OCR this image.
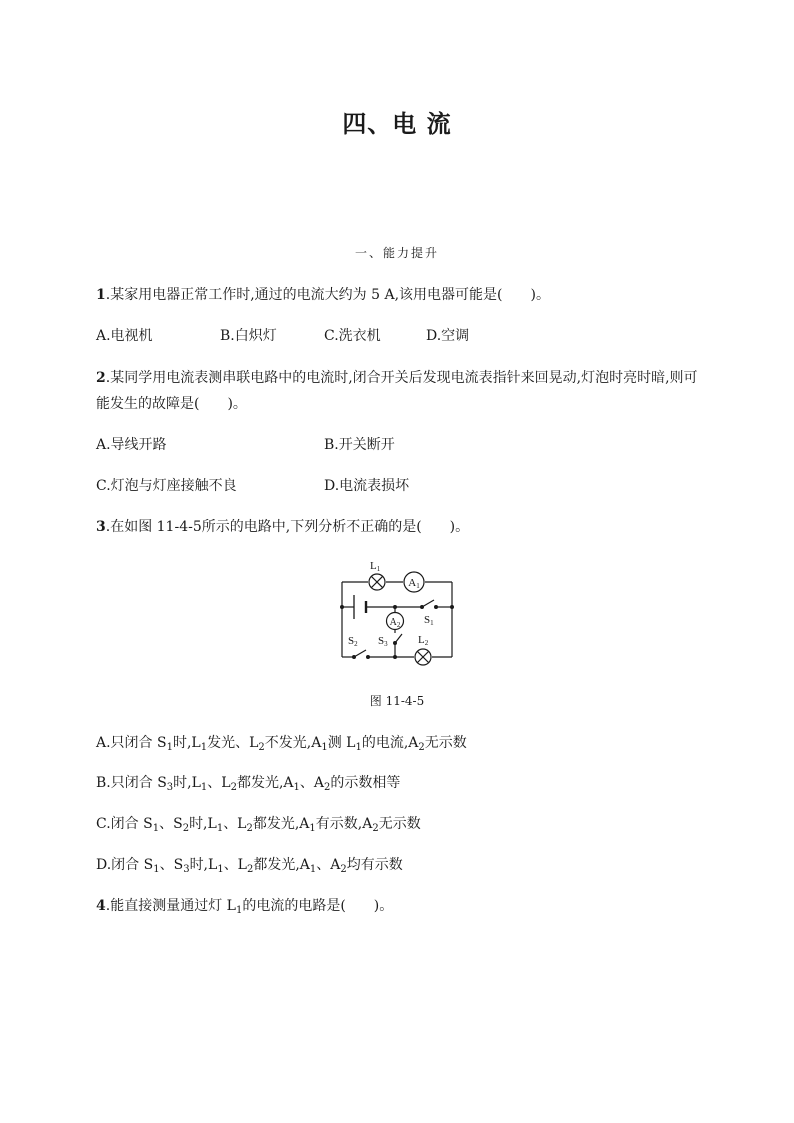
四、电 流
一、能力提升
1.某家用电器正常工作时,通过的电流大约为 5 A,该用电器可能是(　　)。
A.电视机	B.白炽灯	C.洗衣机	D.空调
2.某同学用电流表测串联电路中的电流时,闭合开关后发现电流表指针来回晃动,灯泡时亮时暗,则可
能发生的故障是(　　)。
A.导线开路	B.开关断开
C.灯泡与灯座接触不良	D.电流表损坏
3.在如图 11-4-5所示的电路中,下列分析不正确的是(　　)。
A1
$A_2$
L1
L2
S1
S2 S3
图 11-4-5
A.只闭合 $S_1$时$,L_1$发光、$L_2$不发光$,A_1$测 $L_1$的电流$,A_2$无示数
B.只闭合 $S_3$时$,L_1$、$L_2$都发光$,A_1$、$A_2$的示数相等
C.闭合 $S_1$、$S_2$时$,L_1$、$L_2$都发光$,A_1$有示数$,A_2$无示数
D.闭合 $S_1$、$S_3$时$,L_1$、$L_2$都发光$,A_1$、$A_2$均有示数
4.能直接测量通过灯 $L_1$的电流的电路是(　　)。
